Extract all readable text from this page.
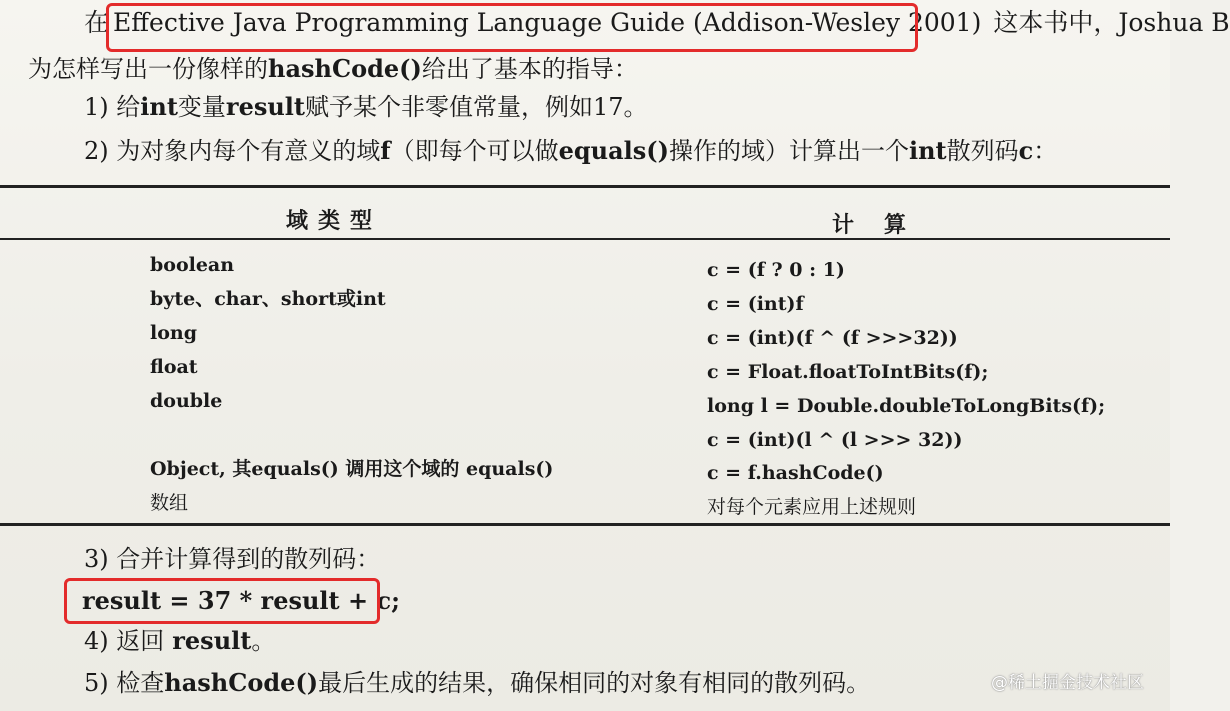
在 Effective Java Programming Language Guide (Addison-Wesley 2001) 这本书中，Joshua B
为怎样写出一份像样的hashCode()给出了基本的指导：
1) 给int变量result赋予某个非零值常量，例如17。
2) 为对象内每个有意义的域f（即每个可以做equals()操作的域）计算出一个int散列码c：
域类型	计算
boolean	c = (f ? 0 : 1)
byte、char、short或int	c = (int)f
long	c = (int)(f ^ (f >>>32))
float	c = Float.floatToIntBits(f);
double	long l = Double.doubleToLongBits(f);
c = (int)(l ^ (l >>> 32))
Object, 其equals() 调用这个域的 equals()	c = f.hashCode()
数组	对每个元素应用上述规则
3) 合并计算得到的散列码：
result = 37 * result + c;
4) 返回 result。
5) 检查hashCode()最后生成的结果，确保相同的对象有相同的散列码。	@稀土掘金技术社区
